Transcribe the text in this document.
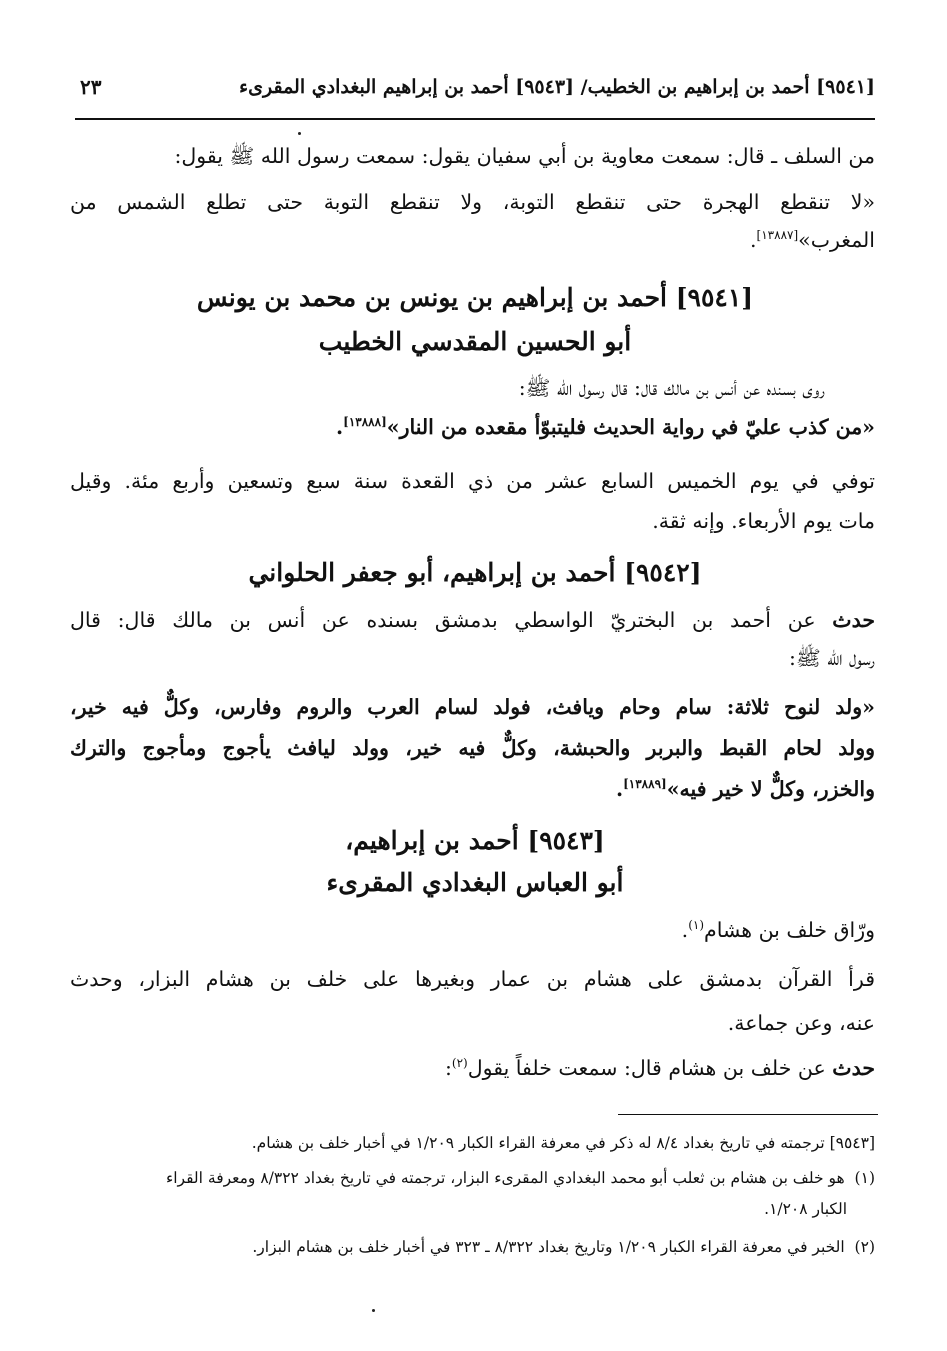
[٩٥٤١] أحمد بن إبراهيم بن الخطيب/ [٩٥٤٣] أحمد بن إبراهيم البغدادي المقرىء
٢٣
من السلف ـ قال: سمعت معاوية بن أبي سفيان يقول: سمعت رسول الله ﷺ يقول:
«لا تنقطع الهجرة حتى تنقطع التوبة، ولا تنقطع التوبة حتى تطلع الشمس من
المغرب»[١٣٨٨٧].
[٩٥٤١] أحمد بن إبراهيم بن يونس بن محمد بن يونس
أبو الحسين المقدسي الخطيب
روى بسنده عن أنس بن مالك قال: قال رسول الله ﷺ:
«من كذب عليّ في رواية الحديث فليتبوّأ مقعده من النار»[١٣٨٨٨].
توفي في يوم الخميس السابع عشر من ذي القعدة سنة سبع وتسعين وأربع مئة. وقيل
مات يوم الأربعاء. وإنه ثقة.
[٩٥٤٢] أحمد بن إبراهيم، أبو جعفر الحلواني
حدث عن أحمد بن البختريّ الواسطي بدمشق بسنده عن أنس بن مالك قال: قال
رسول الله ﷺ:
«ولد لنوح ثلاثة: سام وحام ويافث، فولد لسام العرب والروم وفارس، وكلٌّ فيه خير،
وولد لحام القبط والبربر والحبشة، وكلٌّ فيه خير، وولد ليافث يأجوج ومأجوج والترك
والخزر، وكلٌّ لا خير فيه»[١٣٨٨٩].
[٩٥٤٣] أحمد بن إبراهيم،
أبو العباس البغدادي المقرىء
ورّاق خلف بن هشام$^{(١)}$.
قرأ القرآن بدمشق على هشام بن عمار وبغيرها على خلف بن هشام البزار، وحدث
عنه، وعن جماعة.
حدث عن خلف بن هشام قال: سمعت خلفاً يقول$^{(٢)}$:
[٩٥٤٣] ترجمته في تاريخ بغداد ٨/٤ له ذكر في معرفة القراء الكبار ١/٢٠٩ في أخبار خلف بن هشام.
(١)  هو خلف بن هشام بن ثعلب أبو محمد البغدادي المقرىء البزار، ترجمته في تاريخ بغداد ٨/٣٢٢ ومعرفة القراء
الكبار ١/٢٠٨.
(٢)  الخبر في معرفة القراء الكبار ١/٢٠٩ وتاريخ بغداد ٨/٣٢٢ ـ ٣٢٣ في أخبار خلف بن هشام البزار.
